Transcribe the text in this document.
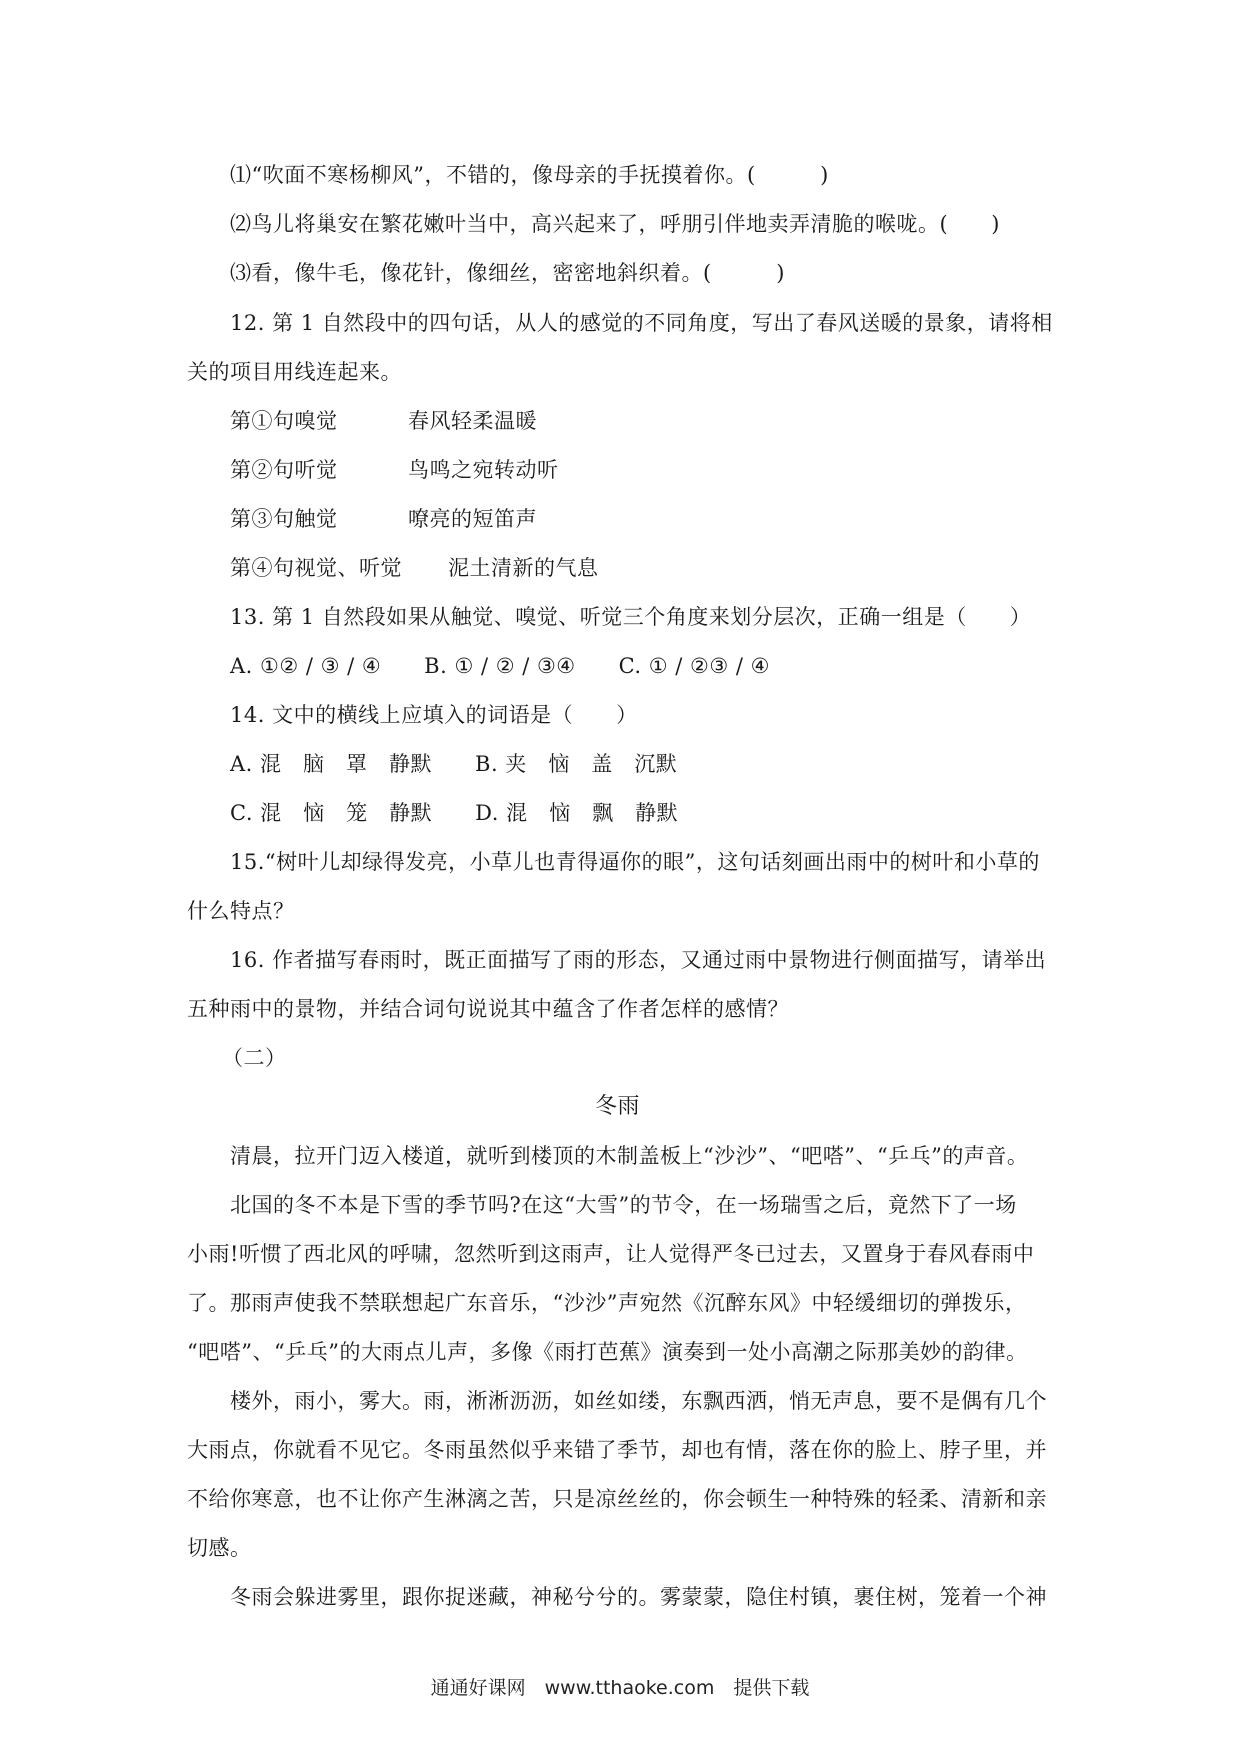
⑴“吹面不寒杨柳风”，不错的，像母亲的手抚摸着你。(　　　)
⑵鸟儿将巢安在繁花嫩叶当中，高兴起来了，呼朋引伴地卖弄清脆的喉咙。(　　)
⑶看，像牛毛，像花针，像细丝，密密地斜织着。(　　　)
12. 第 1 自然段中的四句话，从人的感觉的不同角度，写出了春风送暖的景象，请将相
关的项目用线连起来。
第①句嗅觉	春风轻柔温暖
第②句听觉	鸟鸣之宛转动听
第③句触觉	嘹亮的短笛声
第④句视觉、听觉 泥土清新的气息
13. 第 1 自然段如果从触觉、嗅觉、听觉三个角度来划分层次，正确一组是（　　）
A. ①② / ③ / ④　　B. ① / ② / ③④　　C. ① / ②③ / ④
14. 文中的横线上应填入的词语是（　　）
A. 混　脑　罩　静默　　B. 夹　恼　盖　沉默
C. 混　恼　笼　静默　　D. 混　恼　飘　静默
15.“树叶儿却绿得发亮，小草儿也青得逼你的眼”，这句话刻画出雨中的树叶和小草的
什么特点？
16. 作者描写春雨时，既正面描写了雨的形态，又通过雨中景物进行侧面描写，请举出
五种雨中的景物，并结合词句说说其中蕴含了作者怎样的感情？
（二）
冬雨
清晨，拉开门迈入楼道，就听到楼顶的木制盖板上“沙沙”、“吧嗒”、“乒乓”的声音。
北国的冬不本是下雪的季节吗?在这“大雪”的节令，在一场瑞雪之后，竟然下了一场
小雨!听惯了西北风的呼啸，忽然听到这雨声，让人觉得严冬已过去，又置身于春风春雨中
了。那雨声使我不禁联想起广东音乐，“沙沙”声宛然《沉醉东风》中轻缓细切的弹拨乐，
“吧嗒”、“乒乓”的大雨点儿声，多像《雨打芭蕉》演奏到一处小高潮之际那美妙的韵律。
楼外，雨小，雾大。雨，淅淅沥沥，如丝如缕，东飘西洒，悄无声息，要不是偶有几个
大雨点，你就看不见它。冬雨虽然似乎来错了季节，却也有情，落在你的脸上、脖子里，并
不给你寒意，也不让你产生淋漓之苦，只是凉丝丝的，你会顿生一种特殊的轻柔、清新和亲
切感。
冬雨会躲进雾里，跟你捉迷藏，神秘兮兮的。雾蒙蒙，隐住村镇，裹住树，笼着一个神
通通好课网　www.tthaoke.com　提供下载
